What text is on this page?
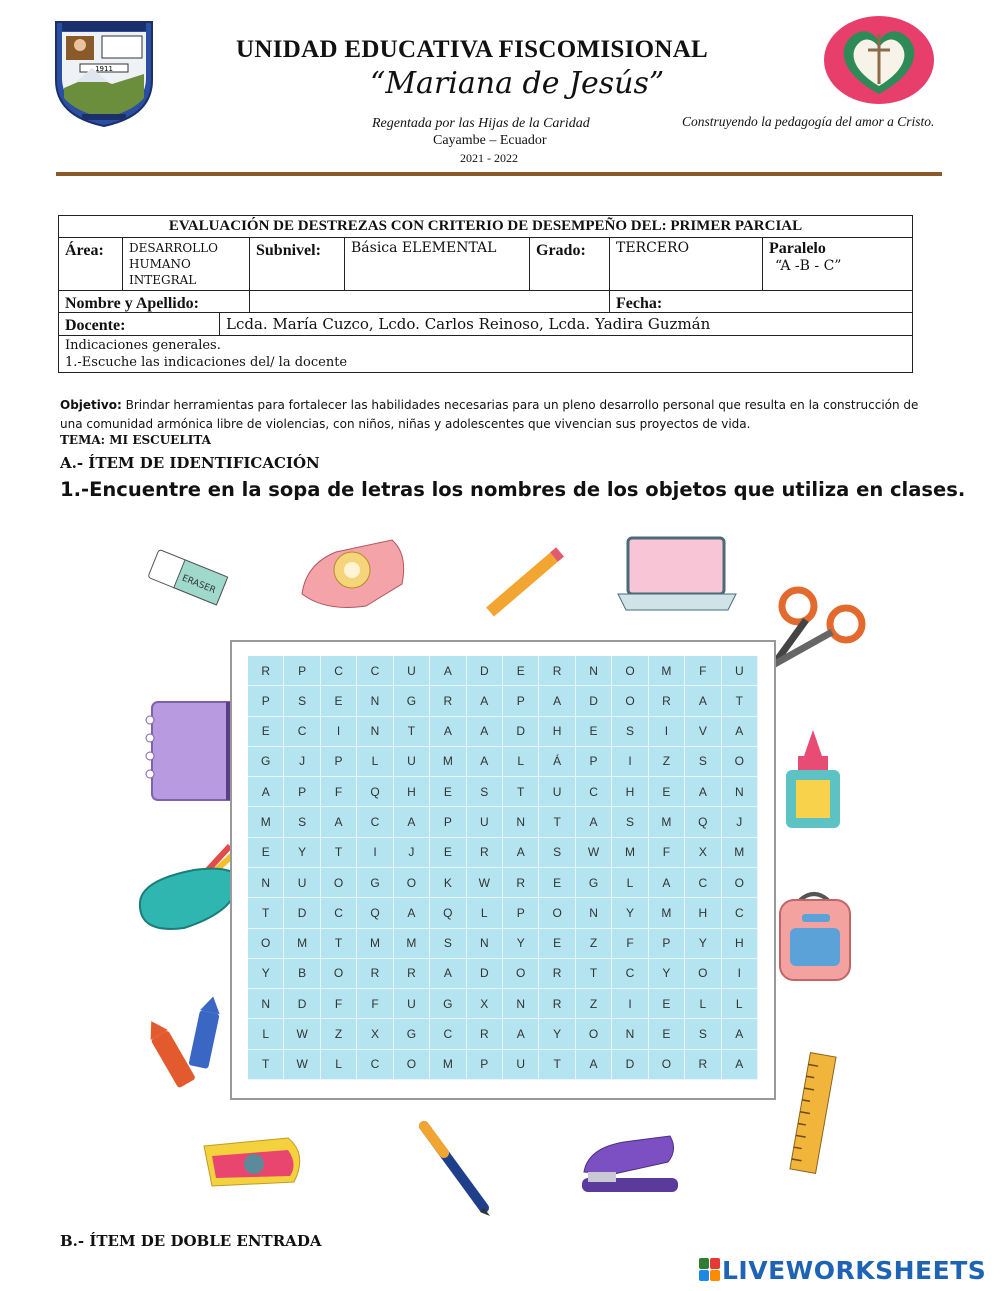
1911
UNIDAD EDUCATIVA FISCOMISIONAL
“Mariana de Jesús”
Regentada por las Hijas de la Caridad
Cayambe – Ecuador
2021 - 2022
Construyendo la pedagogía del amor a Cristo.
EVALUACIÓN DE DESTREZAS CON CRITERIO DE DESEMPEÑO DEL: PRIMER PARCIAL
Área:	DESARROLLO
HUMANO
INTEGRAL
Subnivel:	Básica ELEMENTAL	Grado:	TERCERO	Paralelo
“A -B - C”
Nombre y Apellido:	Fecha:
Docente:	Lcda. María Cuzco, Lcdo. Carlos Reinoso, Lcda. Yadira Guzmán
Indicaciones generales.
1.-Escuche las indicaciones del/ la docente
Objetivo: Brindar herramientas para fortalecer las habilidades necesarias para un pleno desarrollo personal que resulta en la construcción de una comunidad armónica libre de violencias, con niños, niñas y adolescentes que vivencian sus proyectos de vida.
TEMA: MI ESCUELITA
A.- ÍTEM DE IDENTIFICACIÓN
1.-Encuentre en la sopa de letras los nombres de los objetos que utiliza en clases.
ERASER
R	P	C	C	U	A	D	E	R	N	O	M	F	U
P	S	E	N	G	R	A	P	A	D	O	R	A	T
E	C	I	N	T	A	A	D	H	E	S	I	V	A
G	J	P	L	U	M	A	L	Á	P	I	Z	S	O
A	P	F	Q	H	E	S	T	U	C	H	E	A	N
M	S	A	C	A	P	U	N	T	A	S	M	Q	J
E	Y	T	I	J	E	R	A	S	W	M	F	X	M
N	U	O	G	O	K	W	R	E	G	L	A	C	O
T	D	C	Q	A	Q	L	P	O	N	Y	M	H	C
O	M	T	M	M	S	N	Y	E	Z	F	P	Y	H
Y	B	O	R	R	A	D	O	R	T	C	Y	O	I
N	D	F	F	U	G	X	N	R	Z	I	E	L	L
L	W	Z	X	G	C	R	A	Y	O	N	E	S	A
T	W	L	C	O	M	P	U	T	A	D	O	R	A
B.- ÍTEM DE DOBLE ENTRADA
LIVEWORKSHEETS
